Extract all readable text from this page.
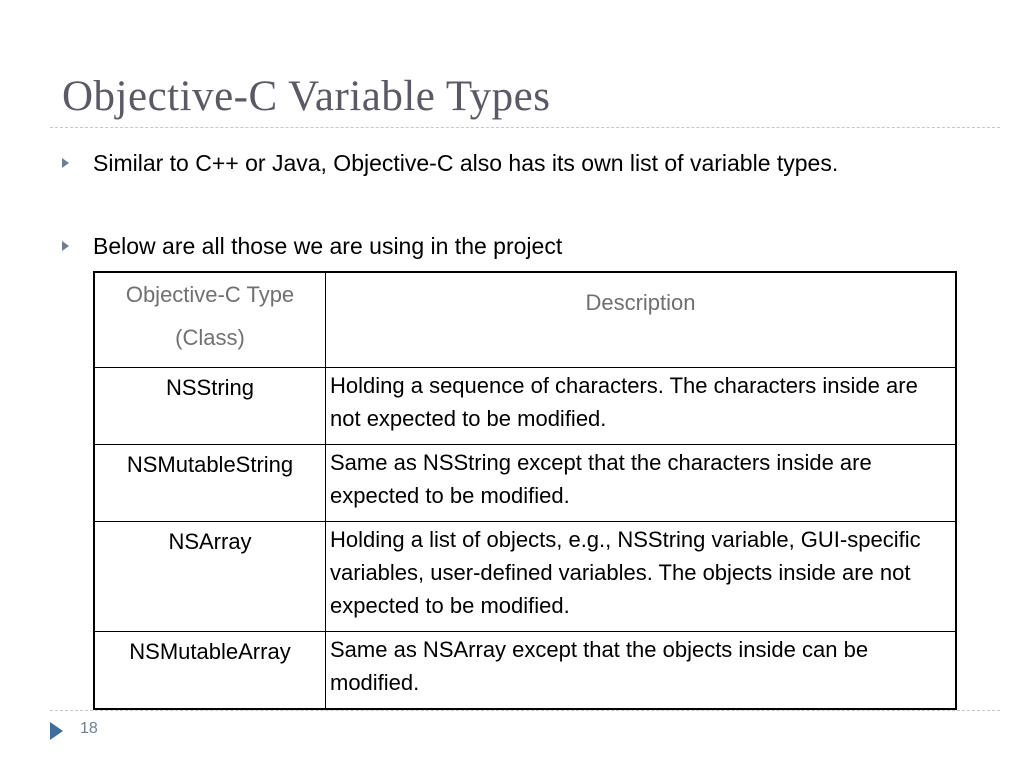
Objective-C Variable Types
Similar to C++ or Java, Objective-C also has its own list of variable types.
Below are all those we are using in the project
Objective-C Type (Class)	Description
NSString	Holding a sequence of characters. The characters inside are not expected to be modified.
NSMutableString	Same as NSString except that the characters inside are expected to be modified.
NSArray	Holding a list of objects, e.g., NSString variable, GUI-specific variables, user-defined variables. The objects inside are not expected to be modified.
NSMutableArray	Same as NSArray except that the objects inside can be modified.
18
